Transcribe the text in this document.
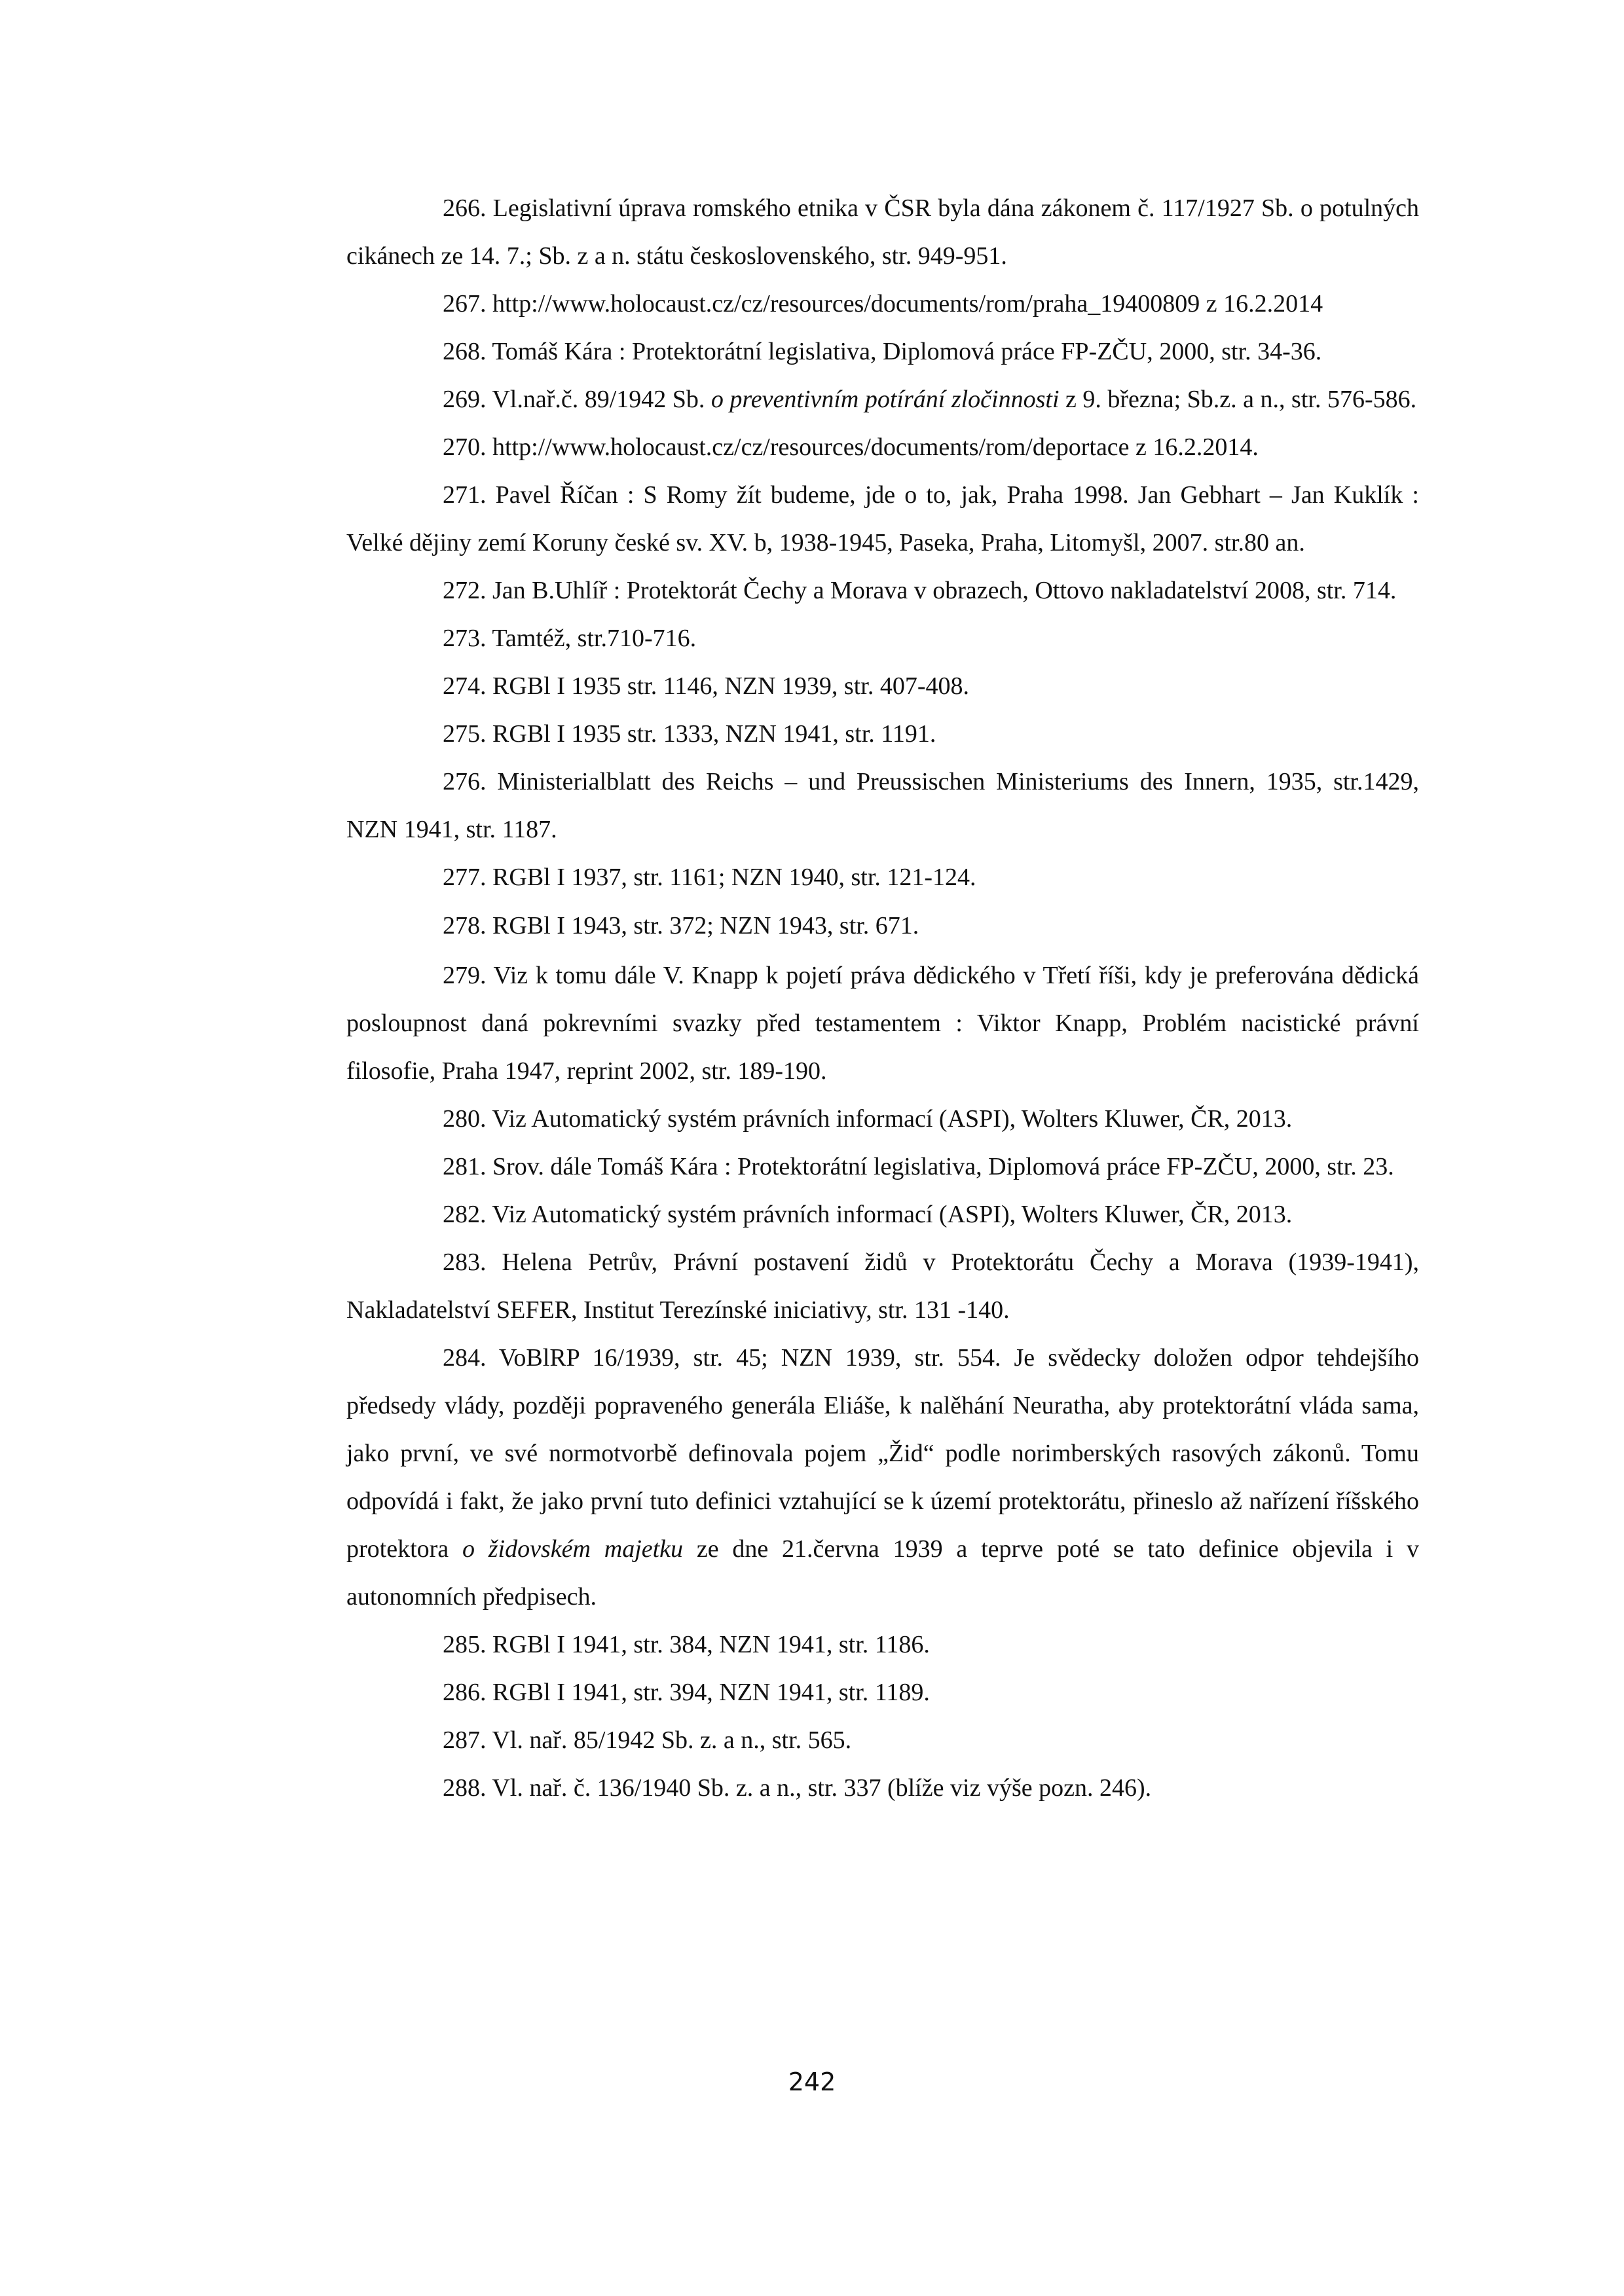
266. Legislativní úprava romského etnika v ČSR byla dána zákonem č. 117/1927 Sb. o potulných cikánech ze 14. 7.; Sb. z a n. státu československého, str. 949-951.

267. http://www.holocaust.cz/cz/resources/documents/rom/praha_19400809 z 16.2.2014

268. Tomáš Kára : Protektorátní legislativa, Diplomová práce FP-ZČU, 2000, str. 34-36.

269. Vl.nař.č. 89/1942 Sb. o preventivním potírání zločinnosti z 9. března; Sb.z. a n., str. 576-586.

270. http://www.holocaust.cz/cz/resources/documents/rom/deportace z 16.2.2014.

271. Pavel Říčan : S Romy žít budeme, jde o to, jak, Praha 1998. Jan Gebhart – Jan Kuklík : Velké dějiny zemí Koruny české sv. XV. b, 1938-1945, Paseka, Praha, Litomyšl, 2007. str.80 an.

272. Jan B.Uhlíř : Protektorát Čechy a Morava v obrazech, Ottovo nakladatelství 2008, str. 714.

273. Tamtéž, str.710-716.

274. RGBl I 1935 str. 1146, NZN 1939, str. 407-408.

275. RGBl I 1935 str. 1333, NZN 1941, str. 1191.

276. Ministerialblatt des Reichs – und Preussischen Ministeriums des Innern, 1935, str.1429, NZN 1941, str. 1187.

277. RGBl I 1937, str. 1161; NZN 1940, str. 121-124.

278. RGBl I 1943, str. 372; NZN 1943, str. 671.

279. Viz k tomu dále V. Knapp k pojetí práva dědického v Třetí říši, kdy je preferována dědická posloupnost daná pokrevními svazky před testamentem : Viktor Knapp, Problém nacistické právní filosofie, Praha 1947, reprint 2002, str. 189-190.

280. Viz Automatický systém právních informací (ASPI), Wolters Kluwer, ČR, 2013.

281. Srov. dále Tomáš Kára : Protektorátní legislativa, Diplomová práce FP-ZČU, 2000, str. 23.

282. Viz Automatický systém právních informací (ASPI), Wolters Kluwer, ČR, 2013.

283. Helena Petrův, Právní postavení židů v Protektorátu Čechy a Morava (1939-1941), Nakladatelství SEFER, Institut Terezínské iniciativy, str. 131 -140.

284. VoBlRP 16/1939, str. 45; NZN 1939, str. 554. Je svědecky doložen odpor tehdejšího předsedy vlády, později popraveného generála Eliáše, k nalěhání Neuratha, aby protektorátní vláda sama, jako první, ve své normotvorbě definovala pojem „Žid“ podle norimberských rasových zákonů. Tomu odpovídá i fakt, že jako první tuto definici vztahující se k území protektorátu, přineslo až nařízení říšského protektora o židovském majetku ze dne 21.června 1939 a teprve poté se tato definice objevila i v autonomních předpisech.

285. RGBl I 1941, str. 384, NZN 1941, str. 1186.

286. RGBl I 1941, str. 394, NZN 1941, str. 1189.

287. Vl. nař. 85/1942 Sb. z. a n., str. 565.

288. Vl. nař. č. 136/1940 Sb. z. a n., str. 337 (blíže viz výše pozn. 246).

242
